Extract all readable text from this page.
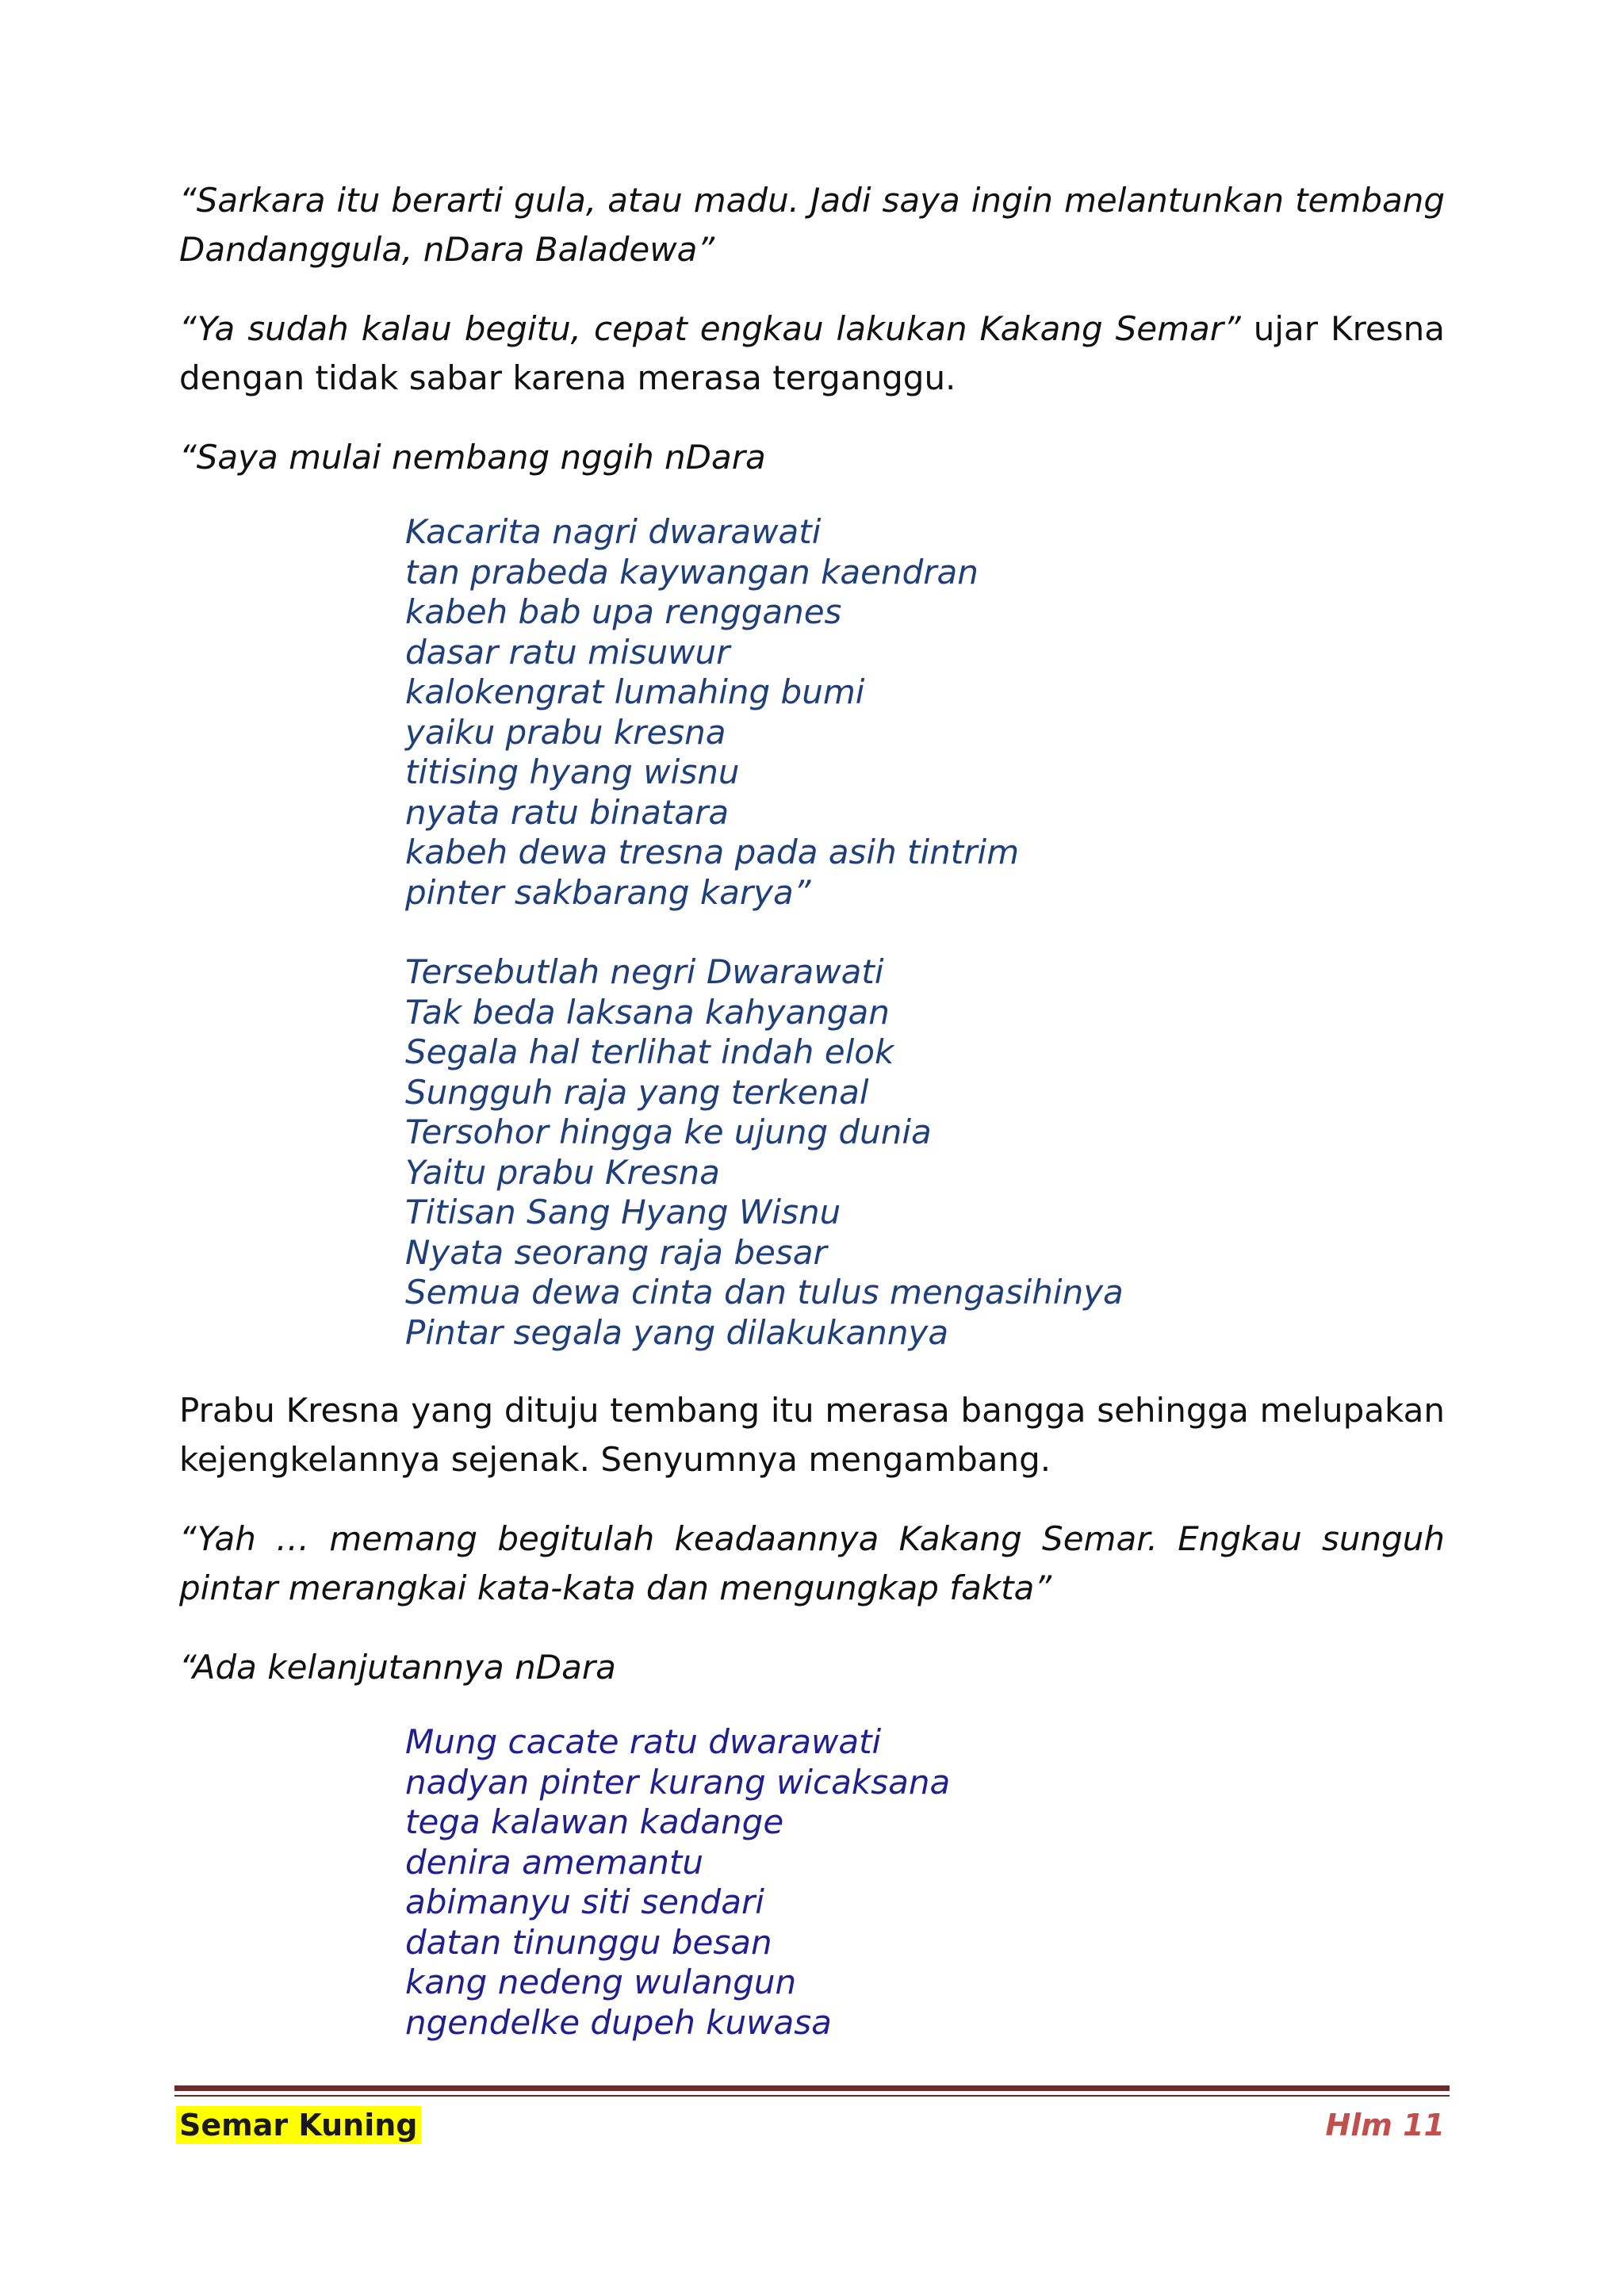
“Sarkara itu berarti gula, atau madu. Jadi saya ingin melantunkan tembang Dandanggula, nDara Baladewa”

“Ya sudah kalau begitu, cepat engkau lakukan Kakang Semar” ujar Kresna dengan tidak sabar karena merasa terganggu.

“Saya mulai nembang nggih nDara

Kacarita nagri dwarawati
tan prabeda kaywangan kaendran
kabeh bab upa rengganes
dasar ratu misuwur
kalokengrat lumahing bumi
yaiku prabu kresna
titising hyang wisnu
nyata ratu binatara
kabeh dewa tresna pada asih tintrim
pinter sakbarang karya”
Tersebutlah negri Dwarawati
Tak beda laksana kahyangan
Segala hal terlihat indah elok
Sungguh raja yang terkenal
Tersohor hingga ke ujung dunia
Yaitu prabu Kresna
Titisan Sang Hyang Wisnu
Nyata seorang raja besar
Semua dewa cinta dan tulus mengasihinya
Pintar segala yang dilakukannya

Prabu Kresna yang dituju tembang itu merasa bangga sehingga melupakan kejengkelannya sejenak. Senyumnya mengambang.

“Yah … memang begitulah keadaannya Kakang Semar. Engkau sunguh pintar merangkai kata-kata dan mengungkap fakta”

“Ada kelanjutannya nDara

Mung cacate ratu dwarawati
nadyan pinter kurang wicaksana
tega kalawan kadange
denira amemantu
abimanyu siti sendari
datan tinunggu besan
kang nedeng wulangun
ngendelke dupeh kuwasa
Semar Kuning	Hlm 11
